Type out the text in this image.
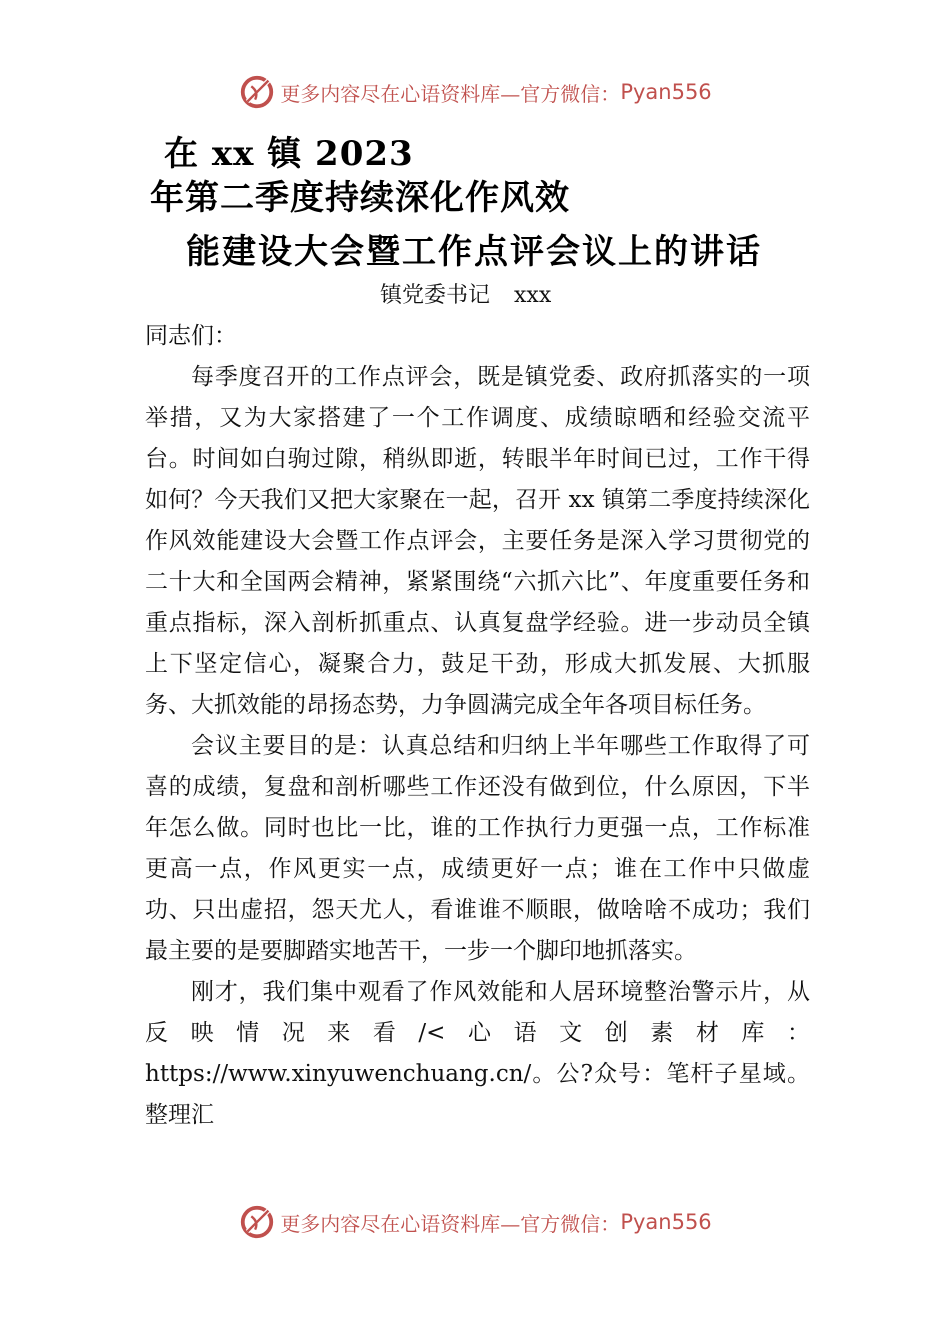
更多内容尽在心语资料库—官方微信： Pyan556
在 xx 镇 2023
年第二季度持续深化作风效
能建设大会暨工作点评会议上的讲话
镇党委书记 xxx

同志们：

每季度召开的工作点评会，既是镇党委、政府抓落实的一项举措，又为大家搭建了一个工作调度、成绩晾晒和经验交流平台。时间如白驹过隙，稍纵即逝，转眼半年时间已过，工作干得如何？今天我们又把大家聚在一起，召开 xx 镇第二季度持续深化作风效能建设大会暨工作点评会，主要任务是深入学习贯彻党的二十大和全国两会精神，紧紧围绕“六抓六比”、年度重要任务和重点指标，深入剖析抓重点、认真复盘学经验。进一步动员全镇上下坚定信心，凝聚合力，鼓足干劲，形成大抓发展、大抓服务、大抓效能的昂扬态势，力争圆满完成全年各项目标任务。

会议主要目的是：认真总结和归纳上半年哪些工作取得了可喜的成绩，复盘和剖析哪些工作还没有做到位，什么原因，下半年怎么做。同时也比一比，谁的工作执行力更强一点，工作标准更高一点，作风更实一点，成绩更好一点；谁在工作中只做虚功、只出虚招，怨天尤人，看谁谁不顺眼，做啥啥不成功；我们最主要的是要脚踏实地苦干，一步一个脚印地抓落实。

刚才，我们集中观看了作风效能和人居环境整治警示片，从反映情况来看/<心语文创素材库：https://www.xinyuwenchuang.cn/。公?众号：笔杆子星域。整理汇

更多内容尽在心语资料库—官方微信： Pyan556
